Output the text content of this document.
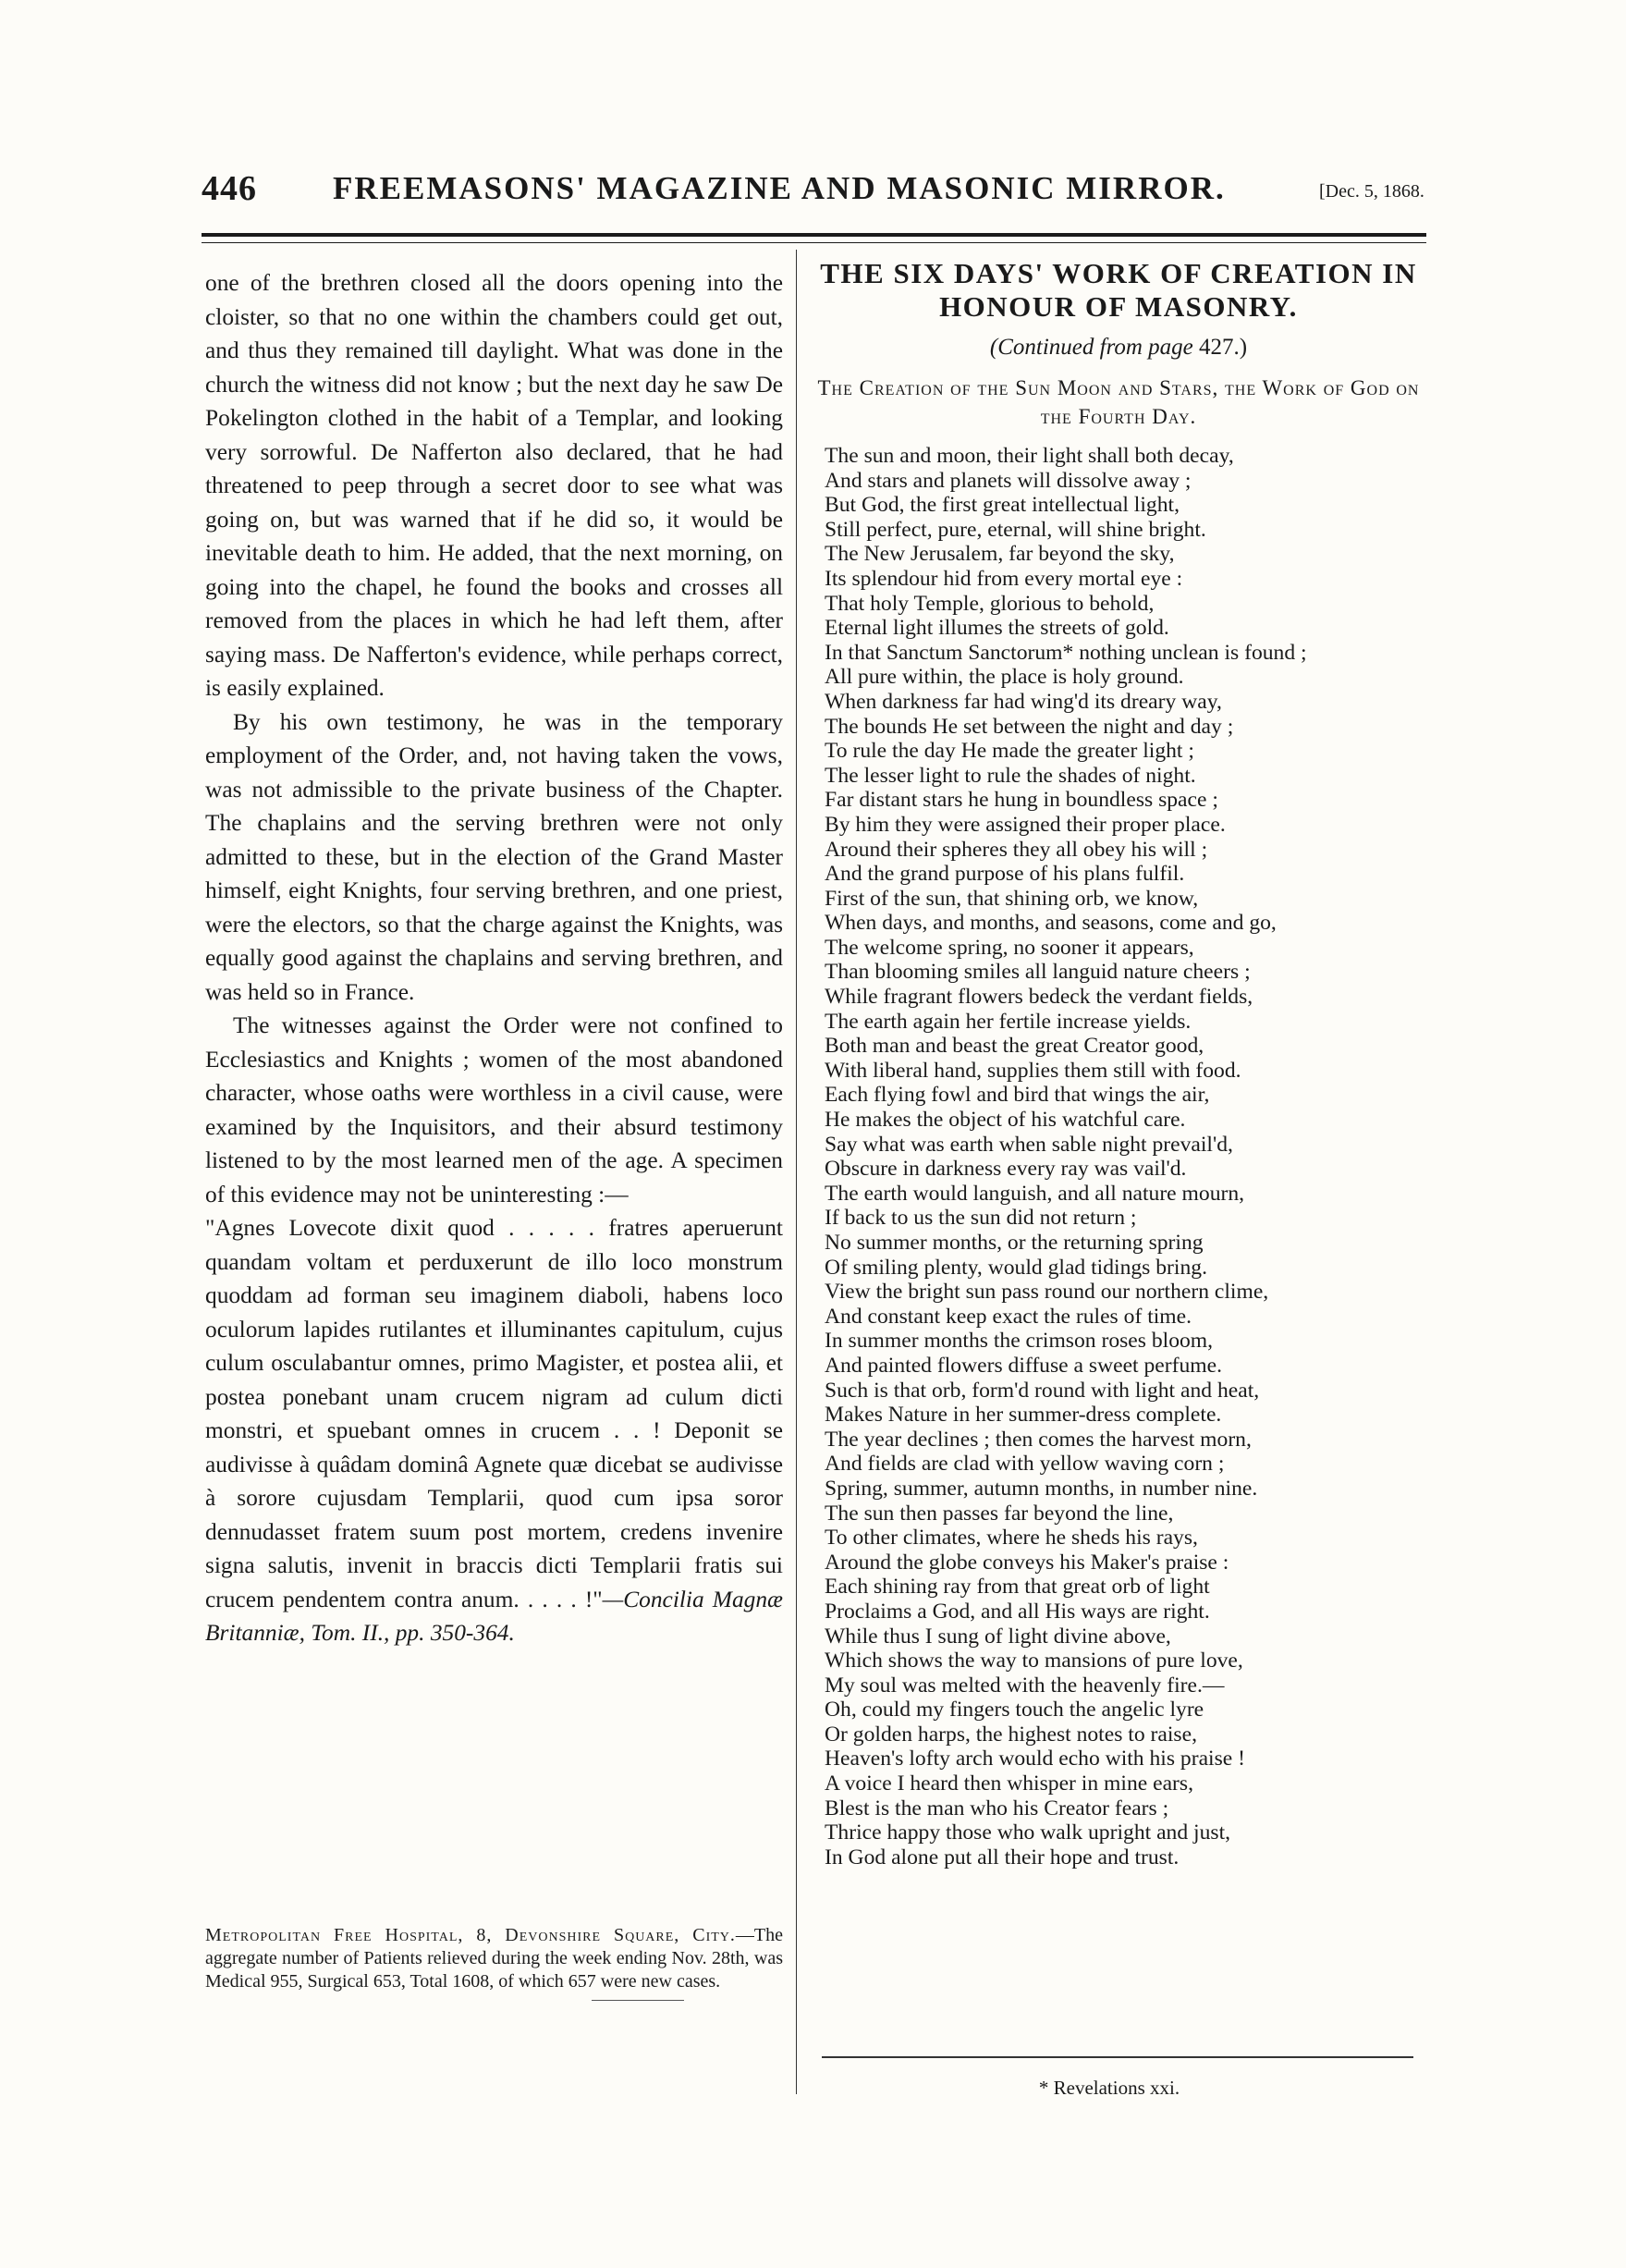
446 FREEMASONS' MAGAZINE AND MASONIC MIRROR.	[Dec. 5, 1868.

one of the brethren closed all the doors opening into the cloister, so that no one within the chambers could get out, and thus they remained till daylight. What was done in the church the witness did not know ; but the next day he saw De Pokelington clothed in the habit of a Templar, and looking very sorrowful. De Nafferton also declared, that he had threatened to peep through a secret door to see what was going on, but was warned that if he did so, it would be inevitable death to him. He added, that the next morning, on going into the chapel, he found the books and crosses all removed from the places in which he had left them, after saying mass. De Nafferton's evidence, while perhaps correct, is easily explained.

By his own testimony, he was in the temporary employment of the Order, and, not having taken the vows, was not admissible to the private business of the Chapter. The chaplains and the serving brethren were not only admitted to these, but in the election of the Grand Master himself, eight Knights, four serving brethren, and one priest, were the electors, so that the charge against the Knights, was equally good against the chaplains and serving brethren, and was held so in France.

The witnesses against the Order were not confined to Ecclesiastics and Knights ; women of the most abandoned character, whose oaths were worthless in a civil cause, were examined by the Inquisitors, and their absurd testimony listened to by the most learned men of the age. A specimen of this evidence may not be uninteresting :—

"Agnes Lovecote dixit quod . . . . . fratres aperuerunt quandam voltam et perduxerunt de illo loco monstrum quoddam ad forman seu imaginem diaboli, habens loco oculorum lapides rutilantes et illuminantes capitulum, cujus culum osculabantur omnes, primo Magister, et postea alii, et postea ponebant unam crucem nigram ad culum dicti monstri, et spuebant omnes in crucem . . ! Deponit se audivisse à quâdam dominâ Agnete quæ dicebat se audivisse à sorore cujusdam Templarii, quod cum ipsa soror dennudasset fratem suum post mortem, credens invenire signa salutis, invenit in braccis dicti Templarii fratis sui crucem pendentem contra anum. . . . . !"—Concilia Magnæ Britanniæ, Tom. II., pp. 350-364.

Metropolitan Free Hospital, 8, Devonshire Square, City.—The aggregate number of Patients relieved during the week ending Nov. 28th, was Medical 955, Surgical 653, Total 1608, of which 657 were new cases.
THE SIX DAYS' WORK OF CREATION IN HONOUR OF MASONRY.

(Continued from page 427.)

The Creation of the Sun Moon and Stars, the Work of God on the Fourth Day.

The sun and moon, their light shall both decay,
And stars and planets will dissolve away ;
But God, the first great intellectual light,
Still perfect, pure, eternal, will shine bright.
The New Jerusalem, far beyond the sky,
Its splendour hid from every mortal eye :
That holy Temple, glorious to behold,
Eternal light illumes the streets of gold.
In that Sanctum Sanctorum* nothing unclean is found ;
All pure within, the place is holy ground.
When darkness far had wing'd its dreary way,
The bounds He set between the night and day ;
To rule the day He made the greater light ;
The lesser light to rule the shades of night.
Far distant stars he hung in boundless space ;
By him they were assigned their proper place.
Around their spheres they all obey his will ;
And the grand purpose of his plans fulfil.
First of the sun, that shining orb, we know,
When days, and months, and seasons, come and go,
The welcome spring, no sooner it appears,
Than blooming smiles all languid nature cheers ;
While fragrant flowers bedeck the verdant fields,
The earth again her fertile increase yields.
Both man and beast the great Creator good,
With liberal hand, supplies them still with food.
Each flying fowl and bird that wings the air,
He makes the object of his watchful care.
Say what was earth when sable night prevail'd,
Obscure in darkness every ray was vail'd.
The earth would languish, and all nature mourn,
If back to us the sun did not return ;
No summer months, or the returning spring
Of smiling plenty, would glad tidings bring.
View the bright sun pass round our northern clime,
And constant keep exact the rules of time.
In summer months the crimson roses bloom,
And painted flowers diffuse a sweet perfume.
Such is that orb, form'd round with light and heat,
Makes Nature in her summer-dress complete.
The year declines ; then comes the harvest morn,
And fields are clad with yellow waving corn ;
Spring, summer, autumn months, in number nine.
The sun then passes far beyond the line,
To other climates, where he sheds his rays,
Around the globe conveys his Maker's praise :
Each shining ray from that great orb of light
Proclaims a God, and all His ways are right.
While thus I sung of light divine above,
Which shows the way to mansions of pure love,
My soul was melted with the heavenly fire.—
Oh, could my fingers touch the angelic lyre
Or golden harps, the highest notes to raise,
Heaven's lofty arch would echo with his praise !
A voice I heard then whisper in mine ears,
Blest is the man who his Creator fears ;
Thrice happy those who walk upright and just,
In God alone put all their hope and trust.
* Revelations xxi.
